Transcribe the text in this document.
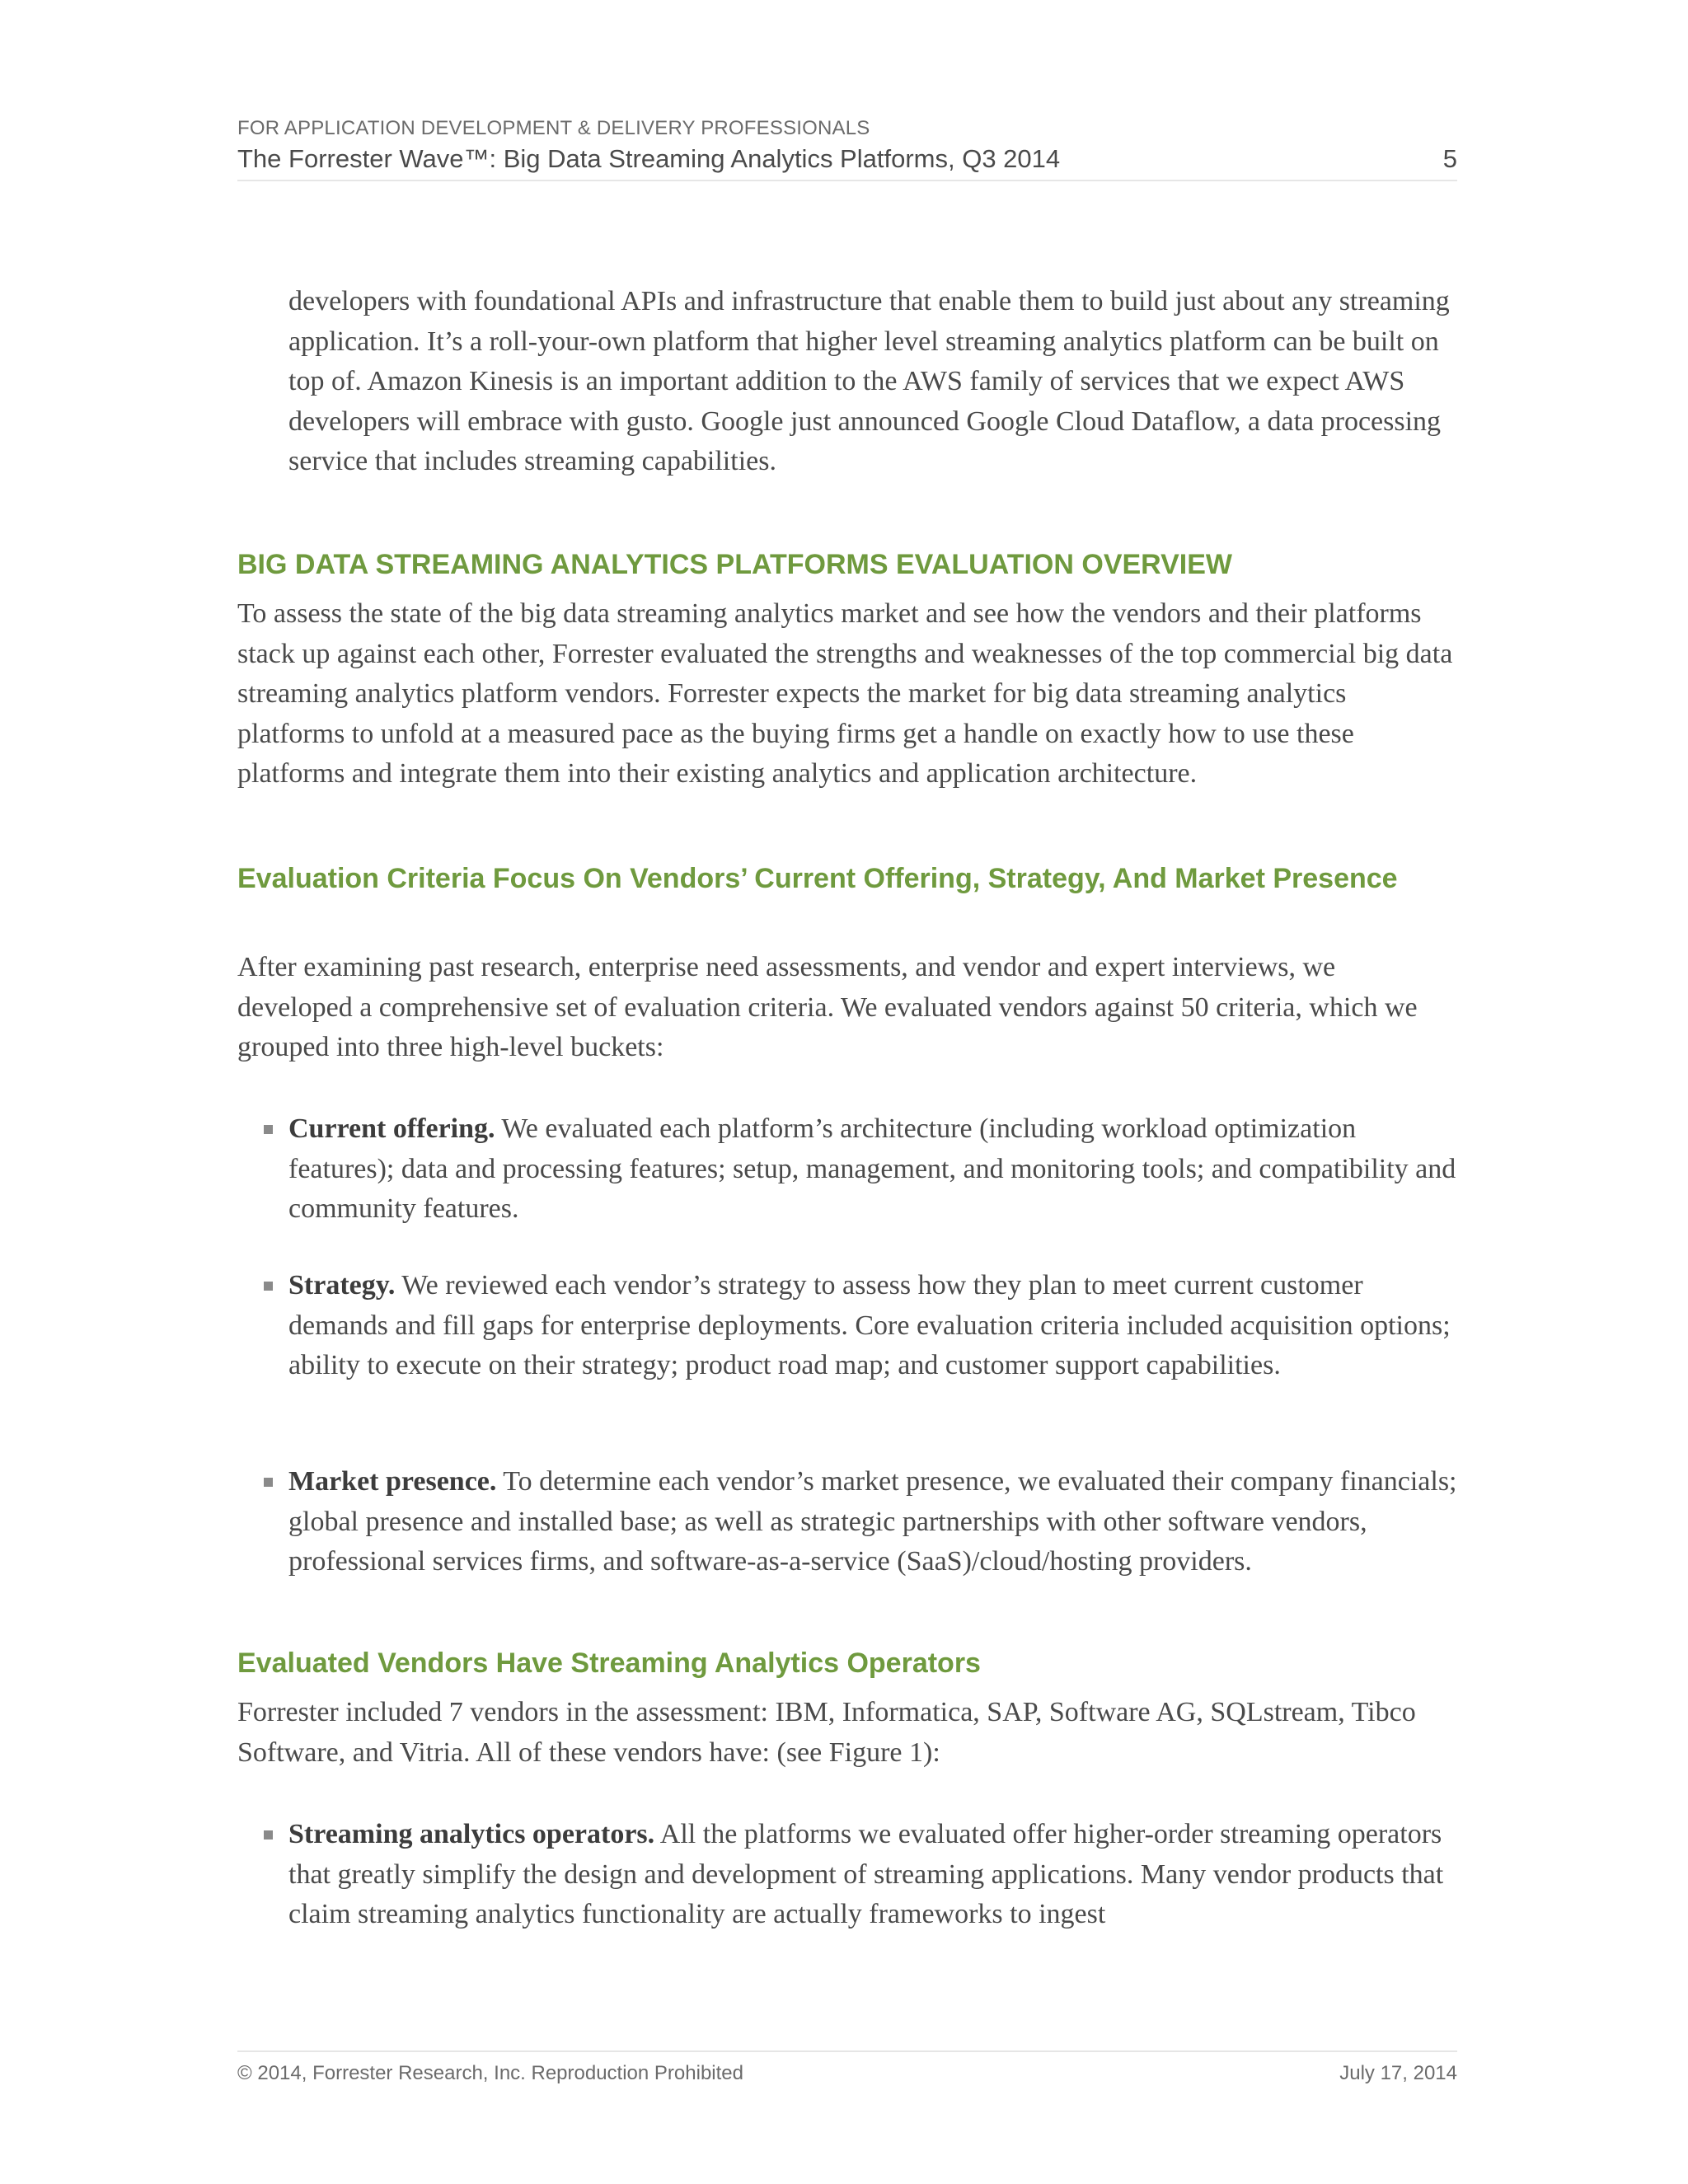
FOR APPLICATION DEVELOPMENT & DELIVERY PROFESSIONALS
The Forrester Wave™: Big Data Streaming Analytics Platforms, Q3 2014	5

developers with foundational APIs and infrastructure that enable them to build just about any streaming application. It’s a roll-your-own platform that higher level streaming analytics platform can be built on top of. Amazon Kinesis is an important addition to the AWS family of services that we expect AWS developers will embrace with gusto. Google just announced Google Cloud Dataflow, a data processing service that includes streaming capabilities.

BIG DATA STREAMING ANALYTICS PLATFORMS EVALUATION OVERVIEW

To assess the state of the big data streaming analytics market and see how the vendors and their platforms stack up against each other, Forrester evaluated the strengths and weaknesses of the top commercial big data streaming analytics platform vendors. Forrester expects the market for big data streaming analytics platforms to unfold at a measured pace as the buying firms get a handle on exactly how to use these platforms and integrate them into their existing analytics and application architecture.

Evaluation Criteria Focus On Vendors’ Current Offering, Strategy, And Market Presence

After examining past research, enterprise need assessments, and vendor and expert interviews, we developed a comprehensive set of evaluation criteria. We evaluated vendors against 50 criteria, which we grouped into three high-level buckets:

Current offering. We evaluated each platform’s architecture (including workload optimization features); data and processing features; setup, management, and monitoring tools; and compatibility and community features.
Strategy. We reviewed each vendor’s strategy to assess how they plan to meet current customer demands and fill gaps for enterprise deployments. Core evaluation criteria included acquisition options; ability to execute on their strategy; product road map; and customer support capabilities.
Market presence. To determine each vendor’s market presence, we evaluated their company financials; global presence and installed base; as well as strategic partnerships with other software vendors, professional services firms, and software-as-a-service (SaaS)/cloud/hosting providers.
Evaluated Vendors Have Streaming Analytics Operators

Forrester included 7 vendors in the assessment: IBM, Informatica, SAP, Software AG, SQLstream, Tibco Software, and Vitria. All of these vendors have: (see Figure 1):

Streaming analytics operators. All the platforms we evaluated offer higher-order streaming operators that greatly simplify the design and development of streaming applications. Many vendor products that claim streaming analytics functionality are actually frameworks to ingest
© 2014, Forrester Research, Inc. Reproduction Prohibited	July 17, 2014
